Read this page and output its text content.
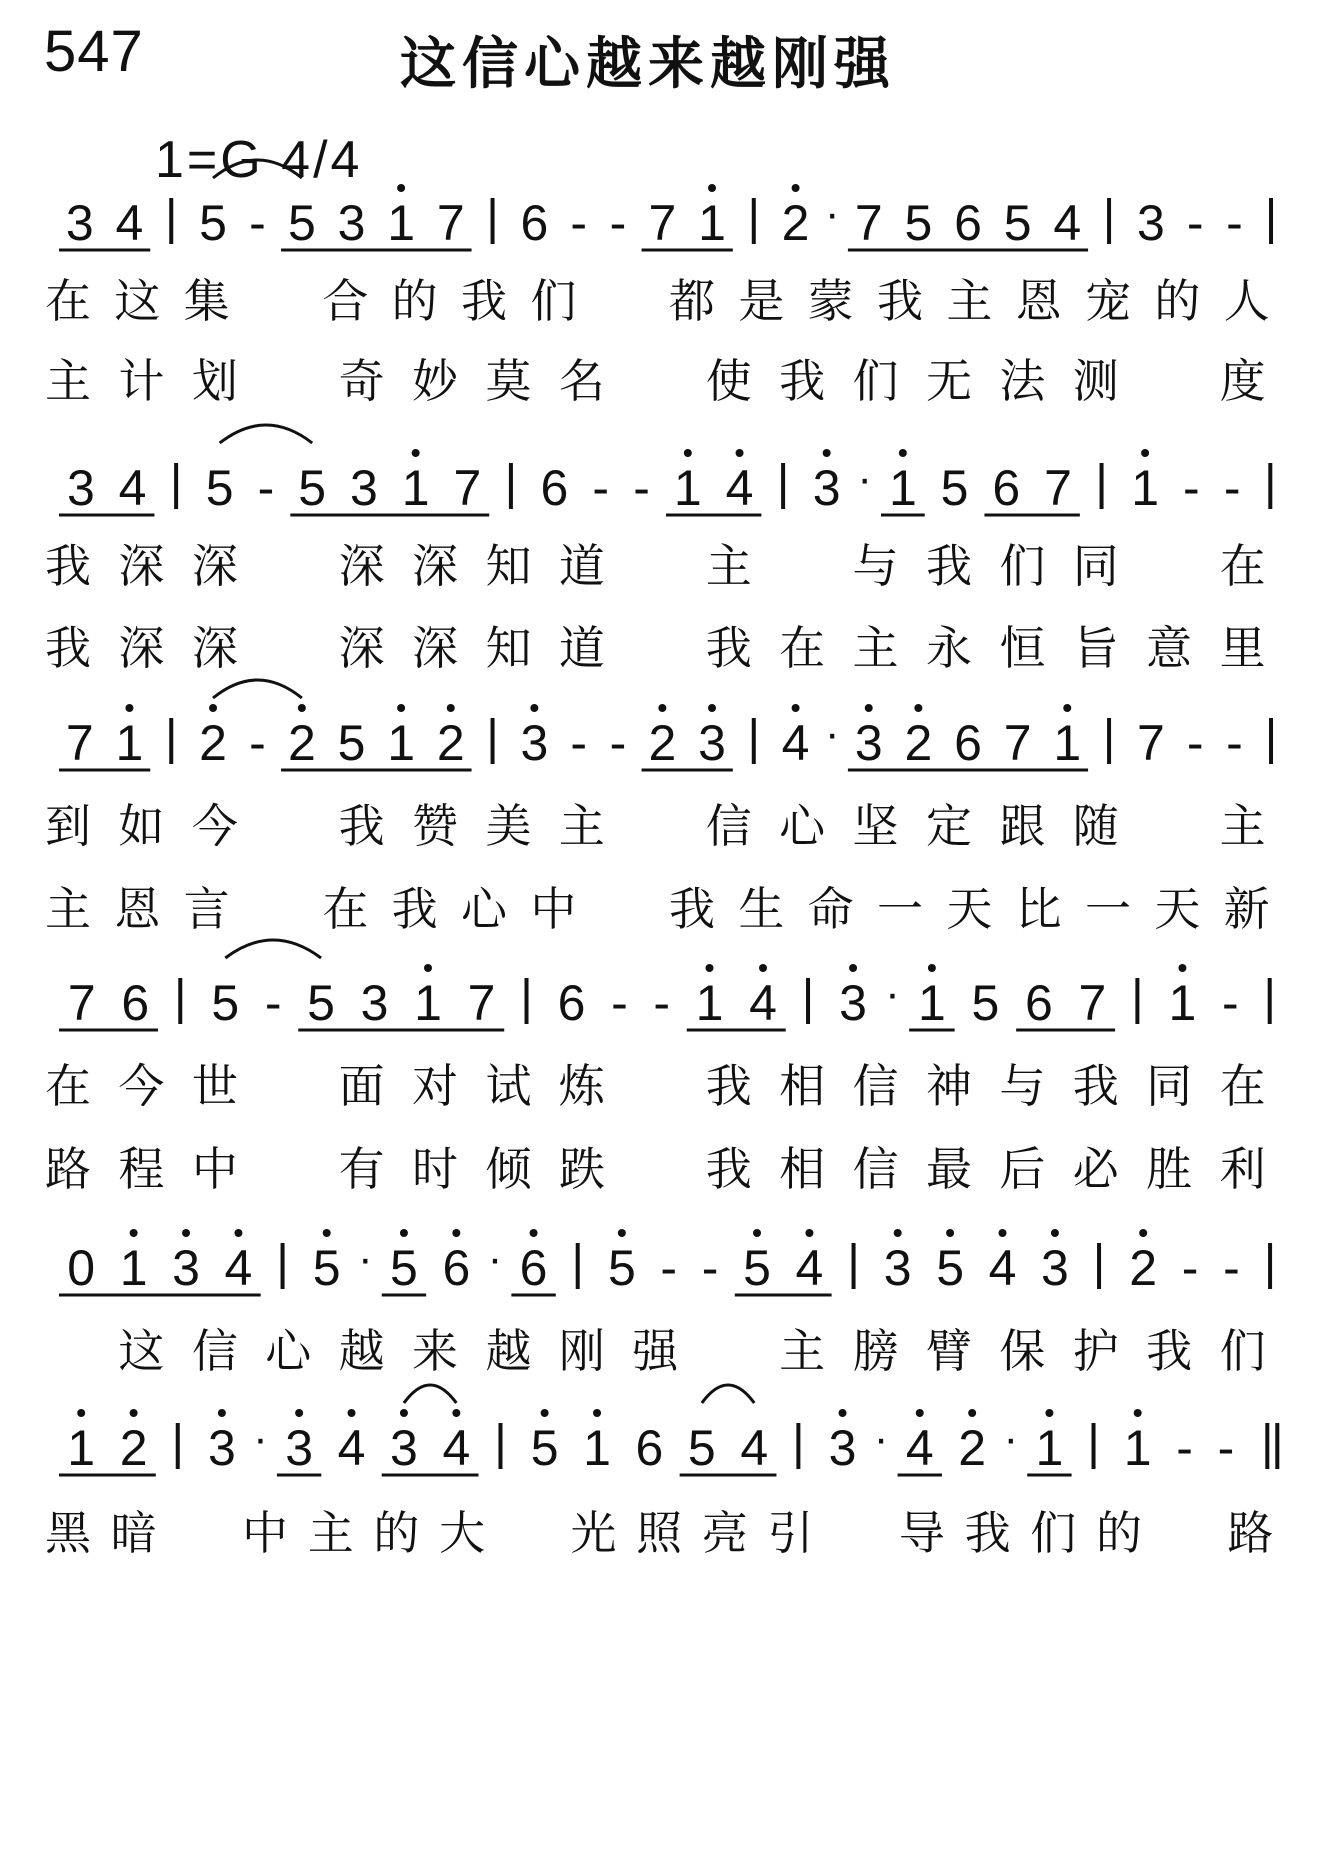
547	这信心越来越刚强
1=G 4/4
3 4 5 - 5 3 1 7 6 - - 7 1 2 · 7 5 6 5 4 3 - -
3 4 5 - 5 3 1 7 6 - - 1 4 3 · 1 5 6 7 1 - -
7 1 2 - 2 5 1 2 3 - - 2 3 4 · 3 2 6 7 1 7 - -
7 6 5 - 5 3 1 7 6 - - 1 4 3 · 1 5 6 7 1 -
0 1 3 4 5 · 5 6 · 6 5 - - 5 4 3 5 4 3 2 - -
1 2 3 · 3 4 3 4 5 1 6 5 4 3 · 4 2 · 1 1 - -
在 这 集 合 的 我 们 都 是 蒙 我 主 恩 宠 的 人
主 计 划 奇 妙 莫 名 使 我 们 无 法 测 度
我 深 深 深 深 知 道 主 与 我 们 同 在
我 深 深 深 深 知 道 我 在 主 永 恒 旨 意 里
到 如 今 我 赞 美 主 信 心 坚 定 跟 随 主
主 恩 言 在 我 心 中 我 生 命 一 天 比 一 天 新
在 今 世 面 对 试 炼 我 相 信 神 与 我 同 在
路 程 中 有 时 倾 跌 我 相 信 最 后 必 胜 利
这 信 心 越 来 越 刚 强 主 膀 臂 保 护 我 们
黑 暗 中 主 的 大 光 照 亮 引 导 我 们 的 路
